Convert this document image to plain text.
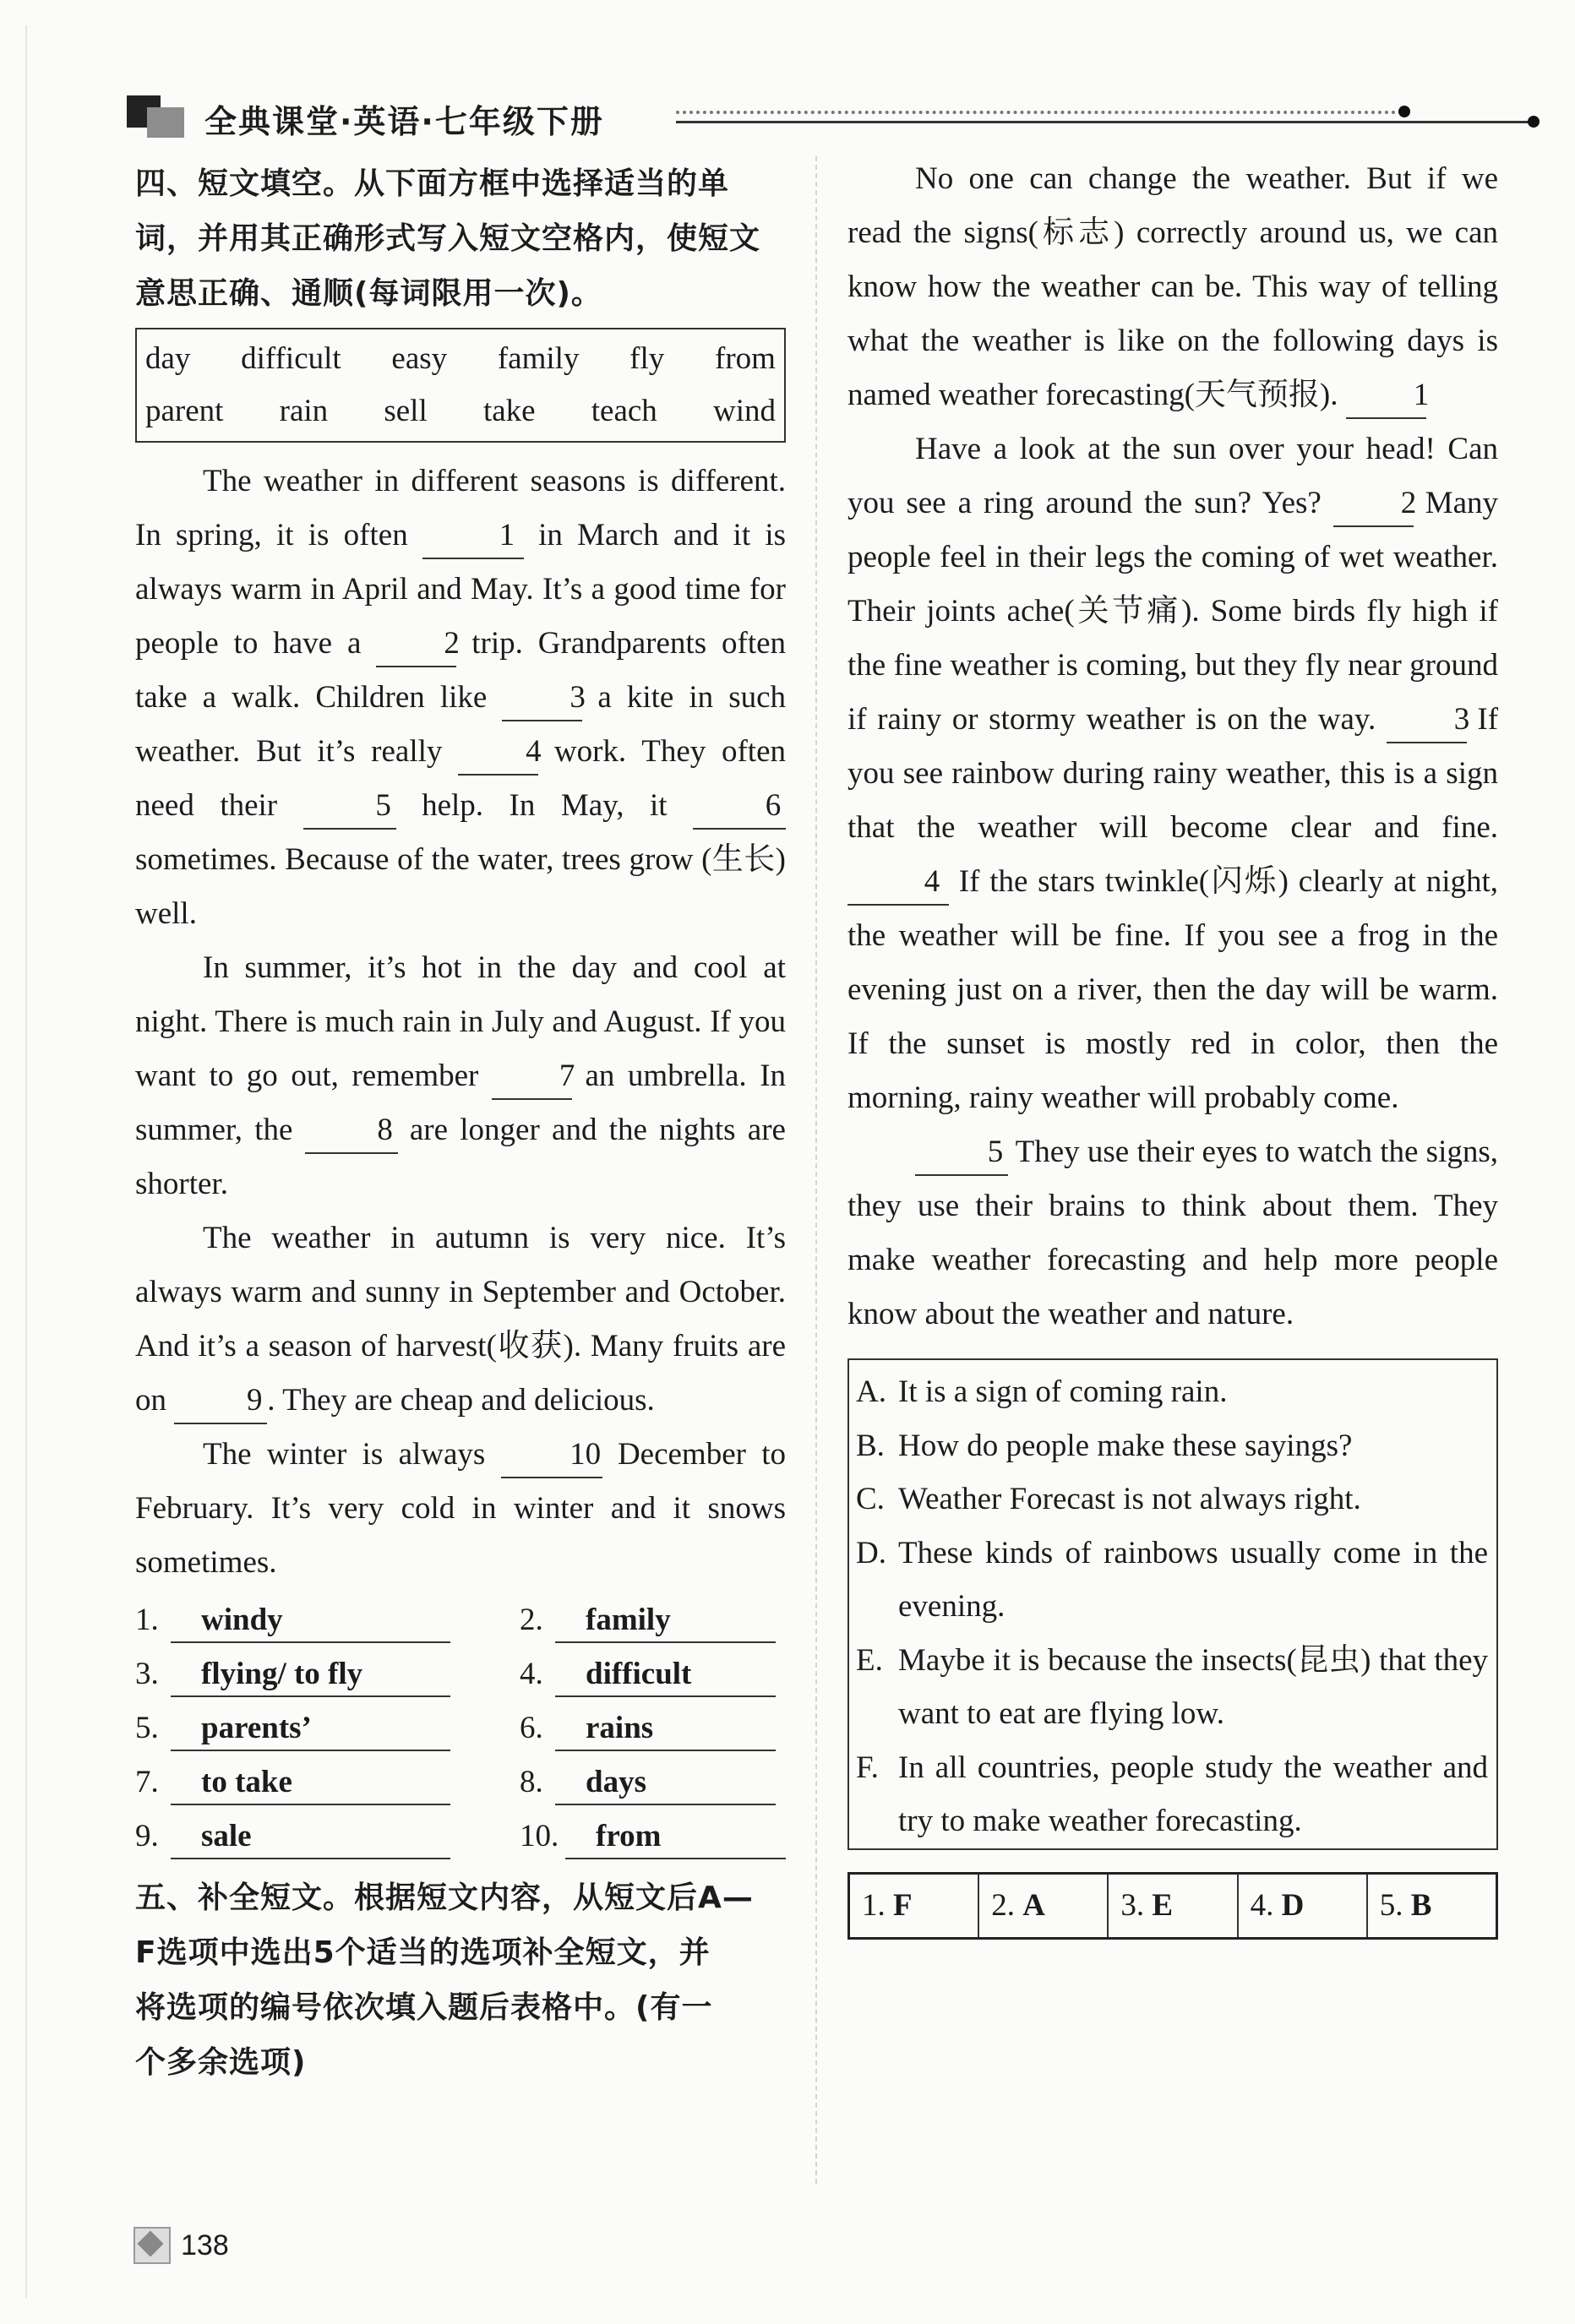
全典课堂·英语·七年级下册
四、短文填空。从下面方框中选择适当的单
词，并用其正确形式写入短文空格内，使短文
意思正确、通顺(每词限用一次)。
day difficult easy family fly from
parent rain sell take teach wind

The weather in different seasons is different. In spring, it is often	1 in March and it is always warm in April and May. It’s a good time for people to have a	2 trip. Grandparents often take a walk. Children like	3 a kite in such weather. But it’s really	4 work. They often need their	5 help. In May, it	6 sometimes. Because of the water, trees grow (生长) well.

In summer, it’s hot in the day and cool at night. There is much rain in July and August. If you want to go out, remember	7 an umbrella. In summer, the	8 are longer and the nights are shorter.

The weather in autumn is very nice. It’s always warm and sunny in September and October. And it’s a season of harvest(收获). Many fruits are on	9 . They are cheap and delicious.

The winter is always	10 December to February. It’s very cold in winter and it snows sometimes.

1.	windy	2.	family
3.	flying/ to fly	4.	difficult
5.	parents’	6.	rains
7.	to take	8.	days
9.	sale	10.	from
五、补全短文。根据短文内容，从短文后A—
F选项中选出5个适当的选项补全短文，并
将选项的编号依次填入题后表格中。(有一
个多余选项)

No one can change the weather. But if we read the signs(标志) correctly around us, we can know how the weather can be. This way of telling what the weather is like on the following days is named weather forecasting(天气预报). 1

Have a look at the sun over your head! Can you see a ring around the sun? Yes?	2 Many people feel in their legs the coming of wet weather. Their joints ache(关节痛). Some birds fly high if the fine weather is coming, but they fly near ground if rainy or stormy weather is on the way.	3 If you see rainbow during rainy weather, this is a sign that the weather will become clear and fine. 4 If the stars twinkle(闪烁) clearly at night, the weather will be fine. If you see a frog in the evening just on a river, then the day will be warm. If the sunset is mostly red in color, then the morning, rainy weather will probably come.

5 They use their eyes to watch the signs, they use their brains to think about them. They make weather forecasting and help more people know about the weather and nature.

A. It is a sign of coming rain.
B. How do people make these sayings?
C. Weather Forecast is not always right.
D. These kinds of rainbows usually come in the evening.
E. Maybe it is because the insects(昆虫) that they want to eat are flying low.
F. In all countries, people study the weather and try to make weather forecasting.
1. F	2. A	3. E	4. D	5. B
138
